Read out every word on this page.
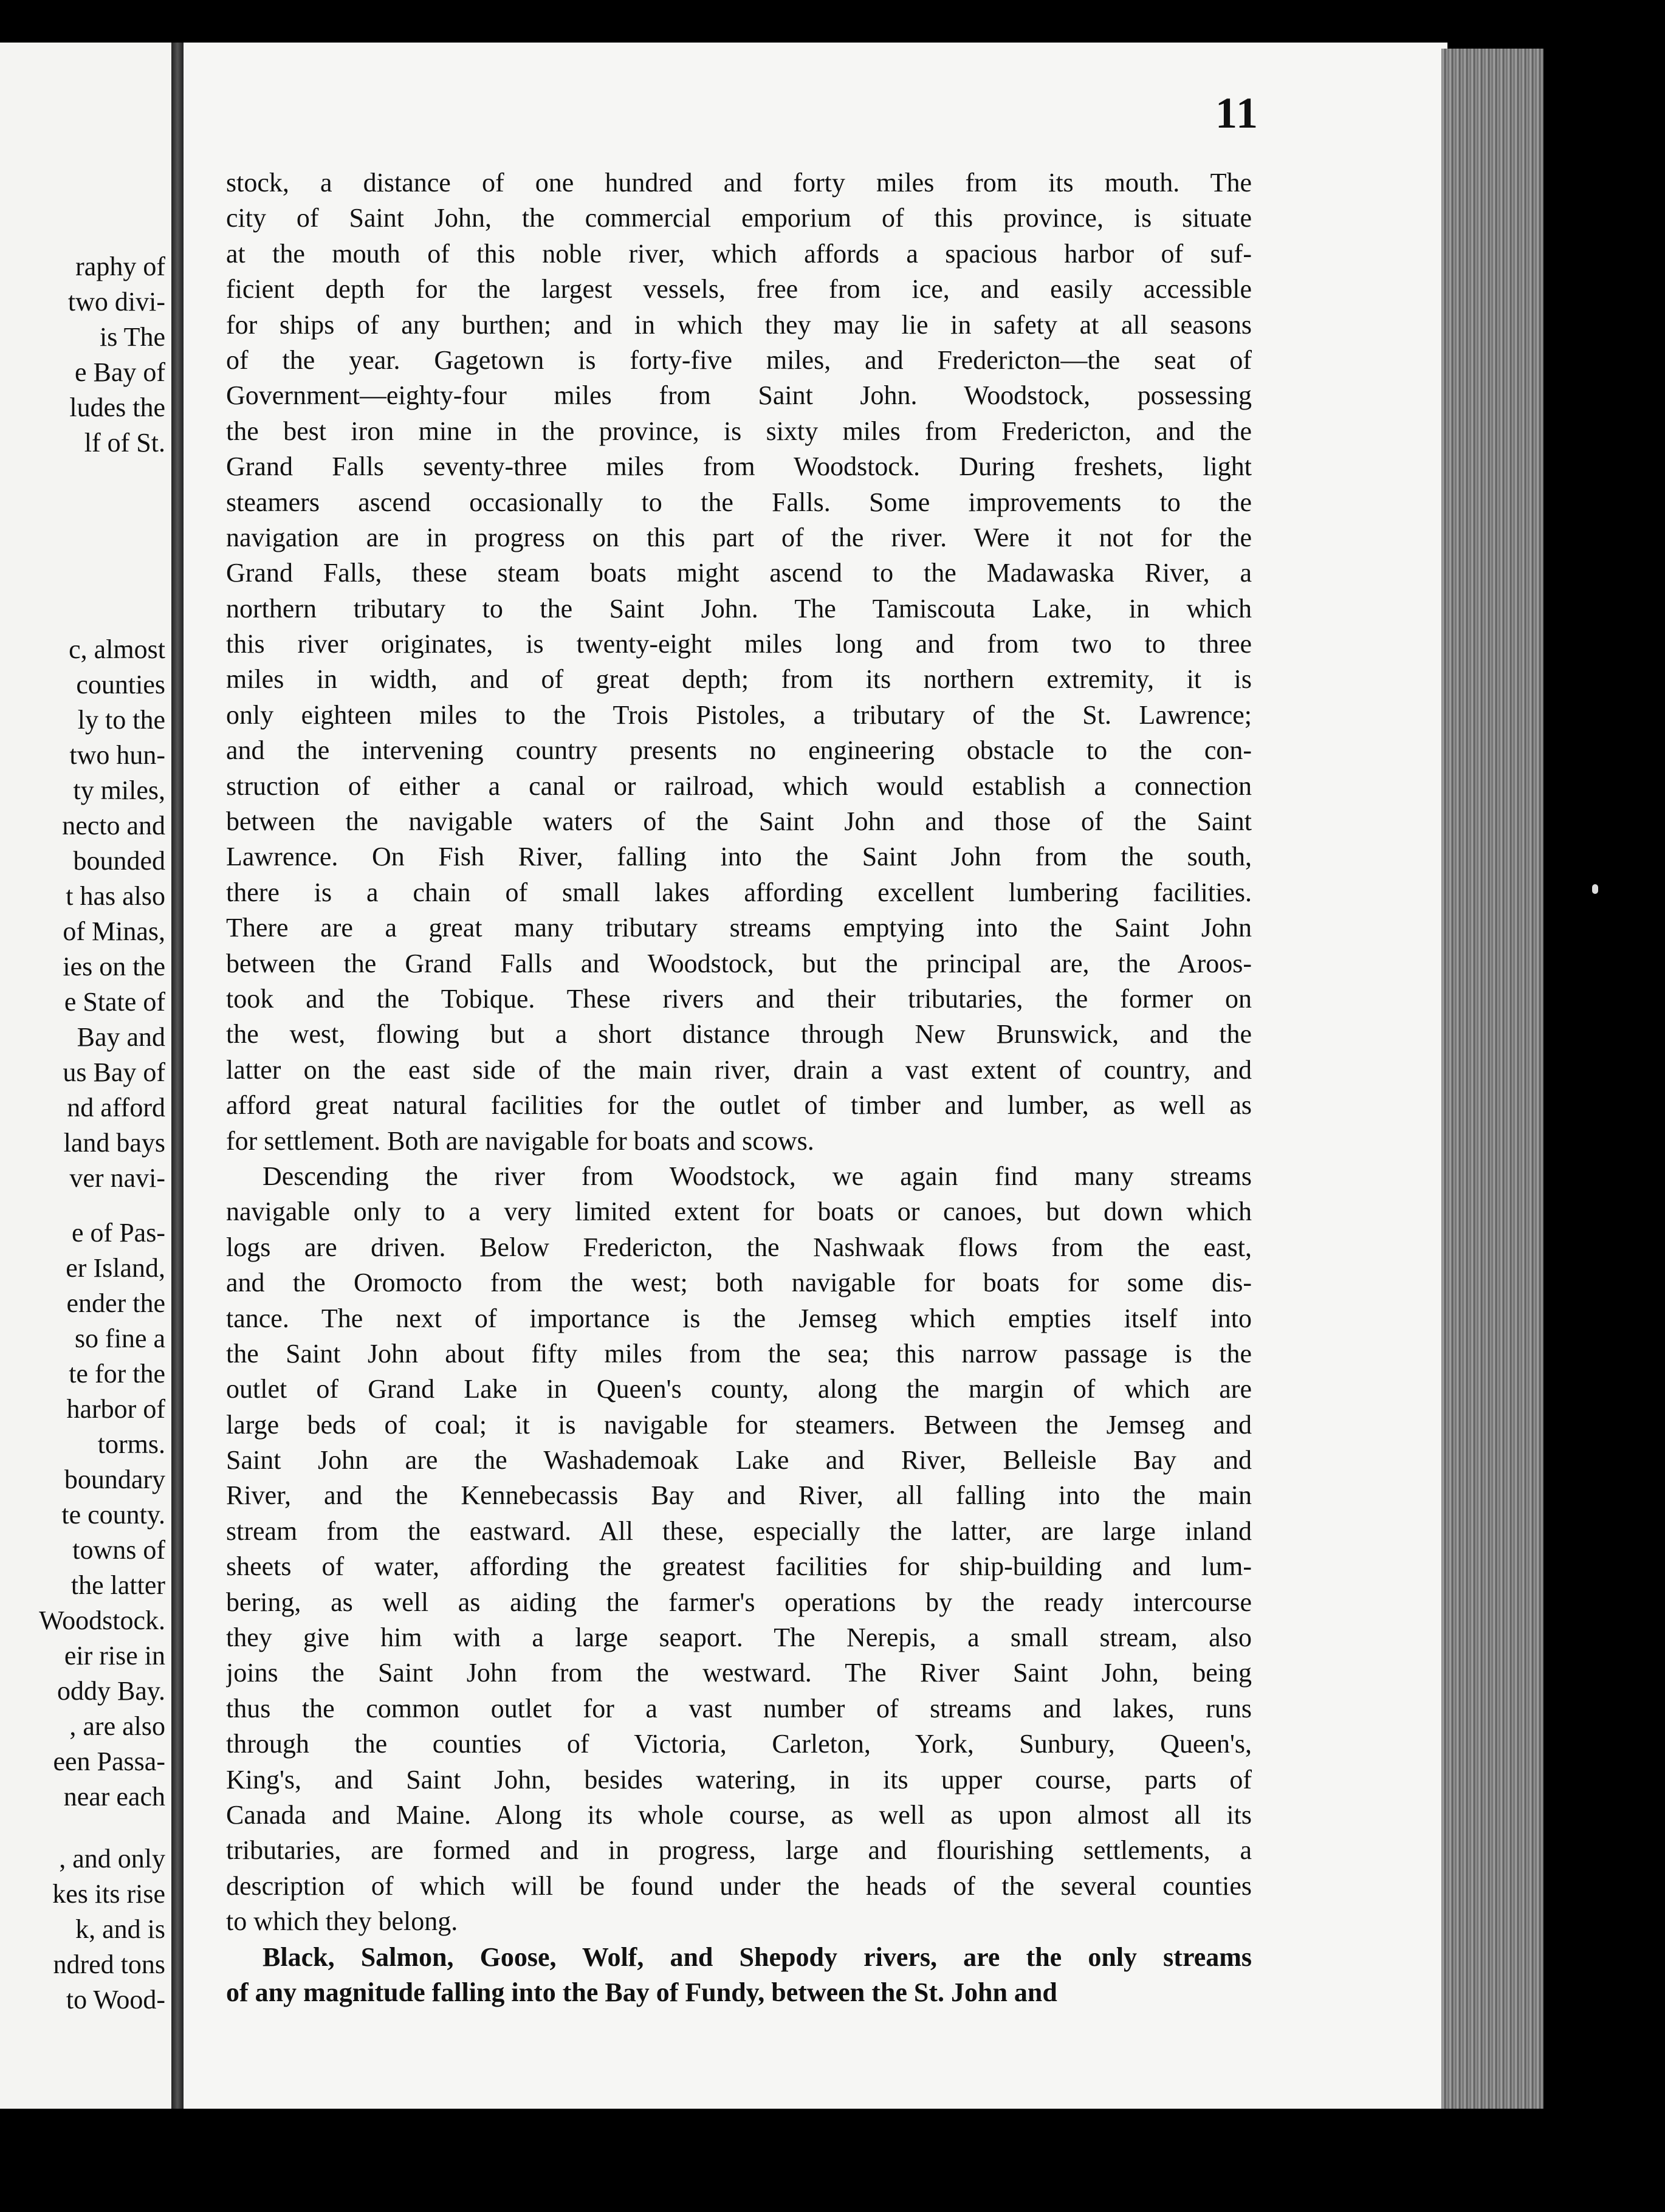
raphy of
two divi-
is The
e Bay of
ludes the
lf of St.
c, almost
counties
ly to the
two hun-
ty miles,
necto and
bounded
t has also
of Minas,
ies on the
e State of
Bay and
us Bay of
nd afford
land bays
ver navi-
e of Pas-
er Island,
ender the
so fine a
te for the
harbor of
torms.
boundary
te county.
towns of
the latter
Woodstock.
eir rise in
oddy Bay.
, are also
een Passa-
near each
, and only
kes its rise
k, and is
ndred tons
to Wood-
11
stock, a distance of one hundred and forty miles from its mouth. The
city of Saint John, the commercial emporium of this province, is situate
at the mouth of this noble river, which affords a spacious harbor of suf-
ficient depth for the largest vessels, free from ice, and easily accessible
for ships of any burthen; and in which they may lie in safety at all seasons
of the year. Gagetown is forty-five miles, and Fredericton—the seat of
Government—eighty-four miles from Saint John. Woodstock, possessing
the best iron mine in the province, is sixty miles from Fredericton, and the
Grand Falls seventy-three miles from Woodstock. During freshets, light
steamers ascend occasionally to the Falls. Some improvements to the
navigation are in progress on this part of the river. Were it not for the
Grand Falls, these steam boats might ascend to the Madawaska River, a
northern tributary to the Saint John. The Tamiscouta Lake, in which
this river originates, is twenty-eight miles long and from two to three
miles in width, and of great depth; from its northern extremity, it is
only eighteen miles to the Trois Pistoles, a tributary of the St. Lawrence;
and the intervening country presents no engineering obstacle to the con-
struction of either a canal or railroad, which would establish a connection
between the navigable waters of the Saint John and those of the Saint
Lawrence. On Fish River, falling into the Saint John from the south,
there is a chain of small lakes affording excellent lumbering facilities.
There are a great many tributary streams emptying into the Saint John
between the Grand Falls and Woodstock, but the principal are, the Aroos-
took and the Tobique. These rivers and their tributaries, the former on
the west, flowing but a short distance through New Brunswick, and the
latter on the east side of the main river, drain a vast extent of country, and
afford great natural facilities for the outlet of timber and lumber, as well as
for settlement. Both are navigable for boats and scows.
Descending the river from Woodstock, we again find many streams
navigable only to a very limited extent for boats or canoes, but down which
logs are driven. Below Fredericton, the Nashwaak flows from the east,
and the Oromocto from the west; both navigable for boats for some dis-
tance. The next of importance is the Jemseg which empties itself into
the Saint John about fifty miles from the sea; this narrow passage is the
outlet of Grand Lake in Queen's county, along the margin of which are
large beds of coal; it is navigable for steamers. Between the Jemseg and
Saint John are the Washademoak Lake and River, Belleisle Bay and
River, and the Kennebecassis Bay and River, all falling into the main
stream from the eastward. All these, especially the latter, are large inland
sheets of water, affording the greatest facilities for ship-building and lum-
bering, as well as aiding the farmer's operations by the ready intercourse
they give him with a large seaport. The Nerepis, a small stream, also
joins the Saint John from the westward. The River Saint John, being
thus the common outlet for a vast number of streams and lakes, runs
through the counties of Victoria, Carleton, York, Sunbury, Queen's,
King's, and Saint John, besides watering, in its upper course, parts of
Canada and Maine. Along its whole course, as well as upon almost all its
tributaries, are formed and in progress, large and flourishing settlements, a
description of which will be found under the heads of the several counties
to which they belong.
Black, Salmon, Goose, Wolf, and Shepody rivers, are the only streams
of any magnitude falling into the Bay of Fundy, between the St. John and
